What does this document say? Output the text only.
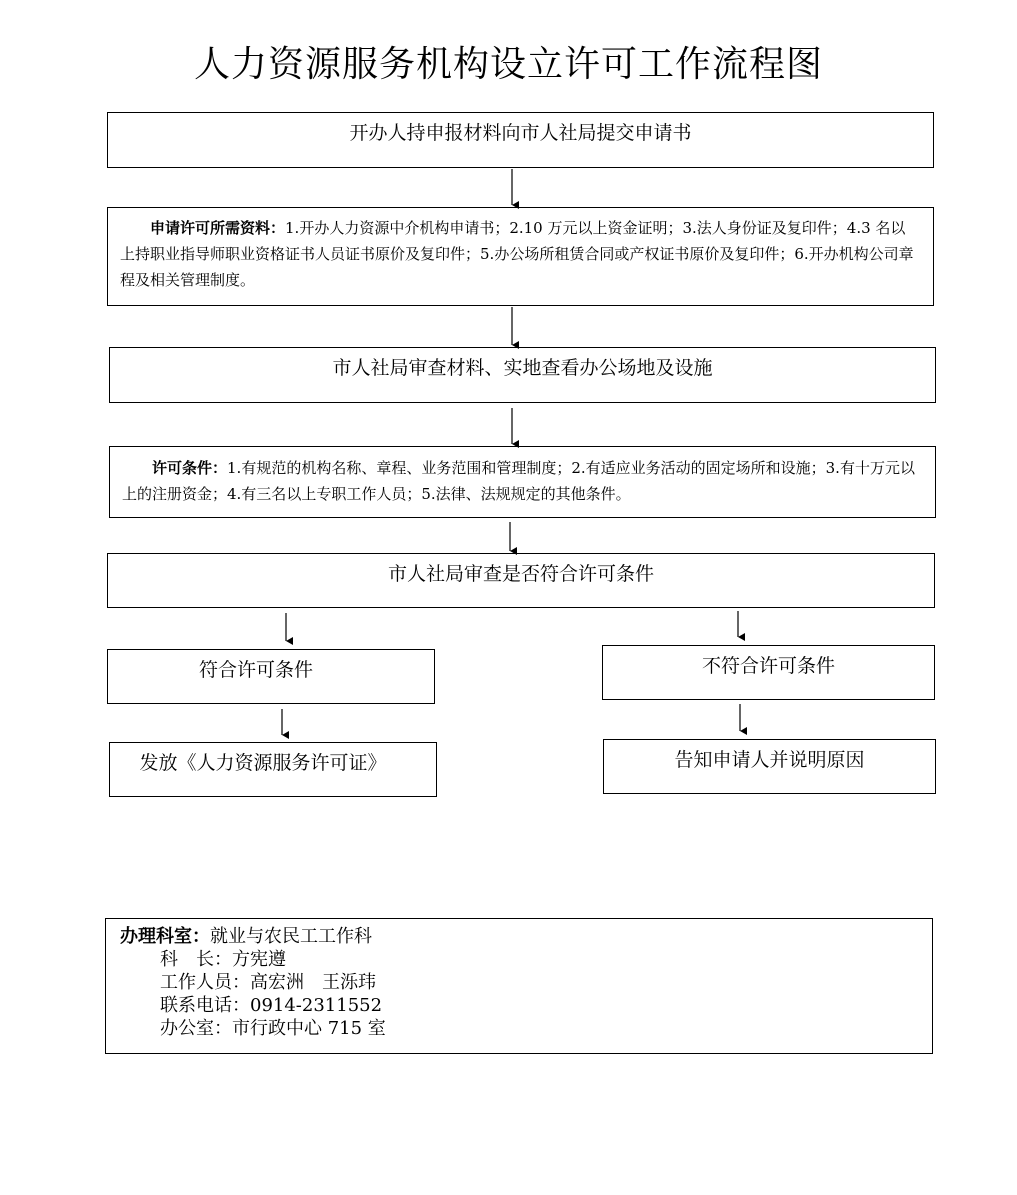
人力资源服务机构设立许可工作流程图
开办人持申报材料向市人社局提交申请书
申请许可所需资料：1.开办人力资源中介机构申请书；2.10 万元以上资金证明；3.法人身份证及复印件；4.3 名以上持职业指导师职业资格证书人员证书原价及复印件；5.办公场所租赁合同或产权证书原价及复印件；6.开办机构公司章程及相关管理制度。
市人社局审查材料、实地查看办公场地及设施
许可条件：1.有规范的机构名称、章程、业务范围和管理制度；2.有适应业务活动的固定场所和设施；3.有十万元以上的注册资金；4.有三名以上专职工作人员；5.法律、法规规定的其他条件。
市人社局审查是否符合许可条件
符合许可条件	不符合许可条件
发放《人力资源服务许可证》	告知申请人并说明原因
办理科室：就业与农民工工作科
科　长：方宪遵
工作人员：高宏洲　王泺玮
联系电话：0914-2311552
办公室：市行政中心 715 室
